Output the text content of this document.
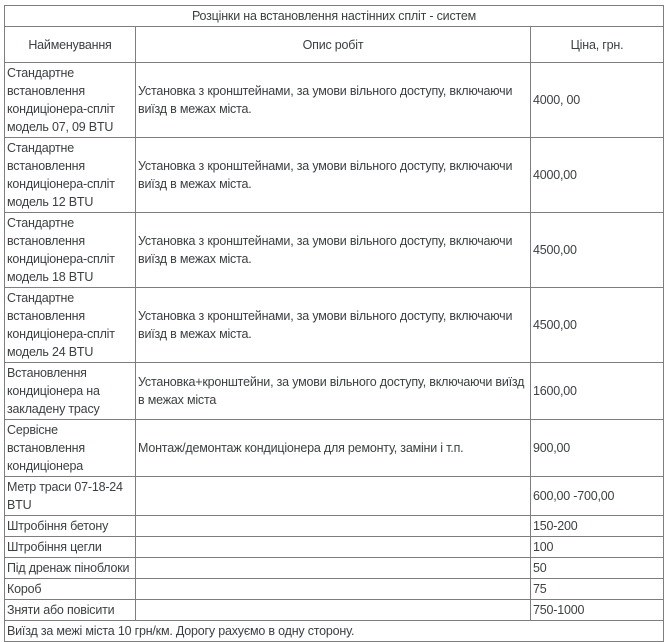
Розцінки на встановлення настінних спліт - систем		
Найменування	Опис робіт	Ціна, грн.
Стандартне встановлення кондиціонера-спліт модель 07, 09 BTU	Установка з кронштейнами, за умови вільного доступу, включаючи виїзд в межах міста.	4000, 00
Стандартне встановлення кондиціонера-спліт модель 12 BTU	Установка з кронштейнами, за умови вільного доступу, включаючи виїзд в межах міста.	4000,00
Стандартне встановлення кондиціонера-спліт модель 18 BTU	Установка з кронштейнами, за умови вільного доступу, включаючи виїзд в межах міста.	4500,00
Стандартне встановлення кондиціонера-спліт модель 24 BTU	Установка з кронштейнами, за умови вільного доступу, включаючи виїзд в межах міста.	4500,00
Встановлення кондиціонера на закладену трасу	Установка+кронштейни, за умови вільного доступу, включаючи виїзд в межах міста	1600,00
Сервісне встановлення кондиціонера	Монтаж/демонтаж кондиціонера для ремонту, заміни і т.п.	900,00
Метр траси 07-18-24 BTU		600,00 -700,00
Штробіння бетону		150-200
Штробіння цегли		100
Під дренаж піноблоки		50
Короб		75
Зняти або повісити		750-1000
Виїзд за межі міста 10 грн/км. Дорогу рахуємо в одну сторону.		
